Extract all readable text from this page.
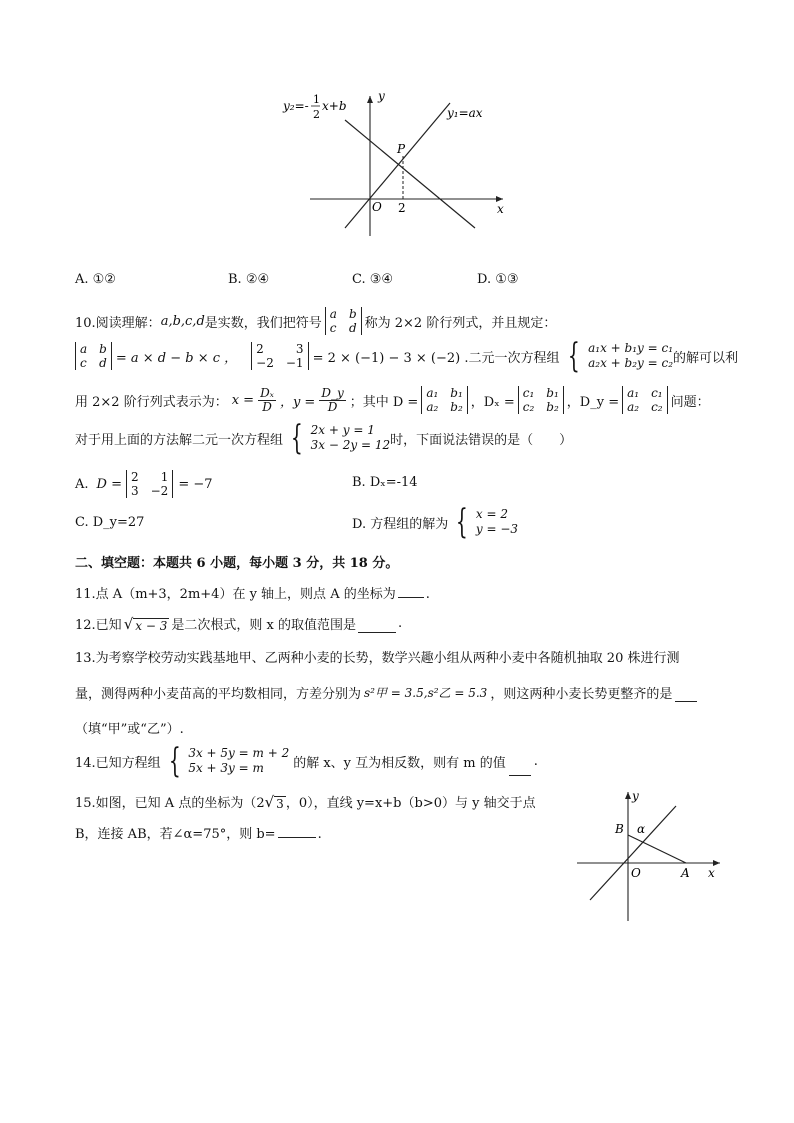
y
x
O
P
2
y₁=ax
y₂=- 1
2
x+b
A. ①②	B. ②④	C. ③④	D. ①③
10.阅读理解： a,b,c,d 是实数，我们把符号
a b
c d 称为 2×2 阶行列式，并且规定：
a b
c d = a × d − b × c ，
2	3
−2 −1 = 2 × (−1) − 3 × (−2) .二元一次方程组 { a₁x + b₁y = c₁
a₂x + b₂y = c₂ 的解可以利
用 2×2 阶行列式表示为： $x = \frac{\text{Dₓ}}{D}$ ，$y = \frac{D\_y}{D}$ ；其中 D =
a₁ b₁
a₂ b₂ ，Dₓ =
c₁ b₁
c₂ b₂ ，D_y =
a₁ c₁
a₂ c₂ 问题：
对于用上面的方法解二元一次方程组 { 2x + y = 1
3x − 2y = 12 时，下面说法错误的是（　　）
A. D = 2 1
3 −2 = −7	B. Dₓ=-14
C. D_y=27	D. 方程组的解为 { x = 2
y = −3
二、填空题：本题共 6 小题，每小题 3 分，共 18 分。
11.点 A（m+3，2m+4）在 y 轴上，则点 A 的坐标为 .
12.已知 √ x − 3 是二次根式，则 x 的取值范围是	.
13.为考察学校劳动实践基地甲、乙两种小麦的长势，数学兴趣小组从两种小麦中各随机抽取 20 株进行测
量，测得两种小麦苗高的平均数相同，方差分别为 s²甲 = 3.5,s²乙 = 5.3 ，则这两种小麦长势更整齐的是
（填“甲”或“乙”）.
14.已知方程组 { 3x + 5y = m + 2
5x + 3y = m	的解 x、y 互为相反数，则有 m 的值 .
15.如图，已知 A 点的坐标为（2 √ 3 ，0），直线 y=x+b（b>0）与 y 轴交于点
B，连接 AB，若∠α=75°，则 b=	.
y
x
B α
O	A
